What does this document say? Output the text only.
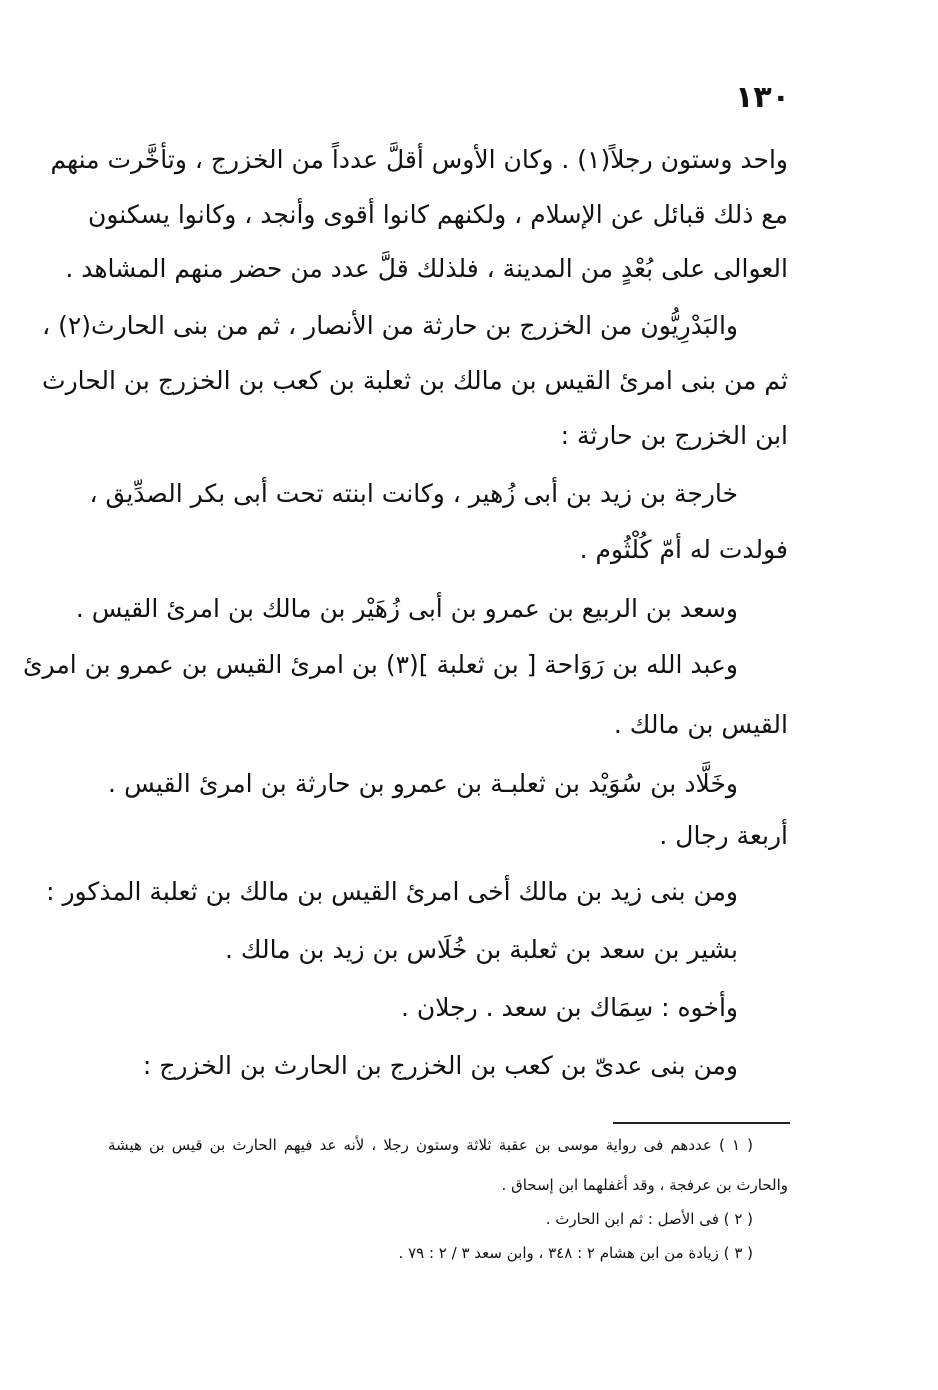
١٣٠
واحد وستون رجلاً(١) . وكان الأوس أقلَّ عدداً من الخزرج ، وتأخَّرت منهم
مع ذلك قبائل عن الإسلام ، ولكنهم كانوا أقوى وأنجد ، وكانوا يسكنون
العوالى على بُعْدٍ من المدينة ، فلذلك قلَّ عدد من حضر منهم المشاهد .
والبَدْرِيُّون من الخزرج بن حارثة من الأنصار ، ثم من بنى الحارث(٢) ،
ثم من بنى امرئ القيس بن مالك بن ثعلبة بن كعب بن الخزرج بن الحارث
ابن الخزرج بن حارثة :
خارجة بن زيد بن أبى زُهير ، وكانت ابنته تحت أبى بكر الصدِّيق ،
فولدت له أمّ كُلْثُوم .
وسعد بن الربيع بن عمرو بن أبى زُهَيْر بن مالك بن امرئ القيس .
وعبد الله بن رَوَاحة [ بن ثعلبة ](٣) بن امرئ القيس بن عمرو بن امرئ
القيس بن مالك .
وخَلَّاد بن سُوَيْد بن ثعلبـة بن عمرو بن حارثة بن امرئ القيس .
أربعة رجال .
ومن بنى زيد بن مالك أخى امرئ القيس بن مالك بن ثعلبة المذكور :
بشير بن سعد بن ثعلبة بن خُلَاس بن زيد بن مالك .
وأخوه : سِمَاك بن سعد . رجلان .
ومن بنى عدىّ بن كعب بن الخزرج بن الحارث بن الخزرج :
( ١ ) عددهم فى رواية موسى بن عقبة ثلاثة وستون رجلا ، لأنه عد فيهم الحارث بن قيس بن هيشة
والحارث بن عرفجة ، وقد أغفلهما ابن إسحاق .
( ٢ ) فى الأصل : ثم ابن الحارث .
( ٣ ) زيادة من ابن هشام ٢ : ٣٤٨ ، وابن سعد ٣ / ٢ : ٧٩ .
